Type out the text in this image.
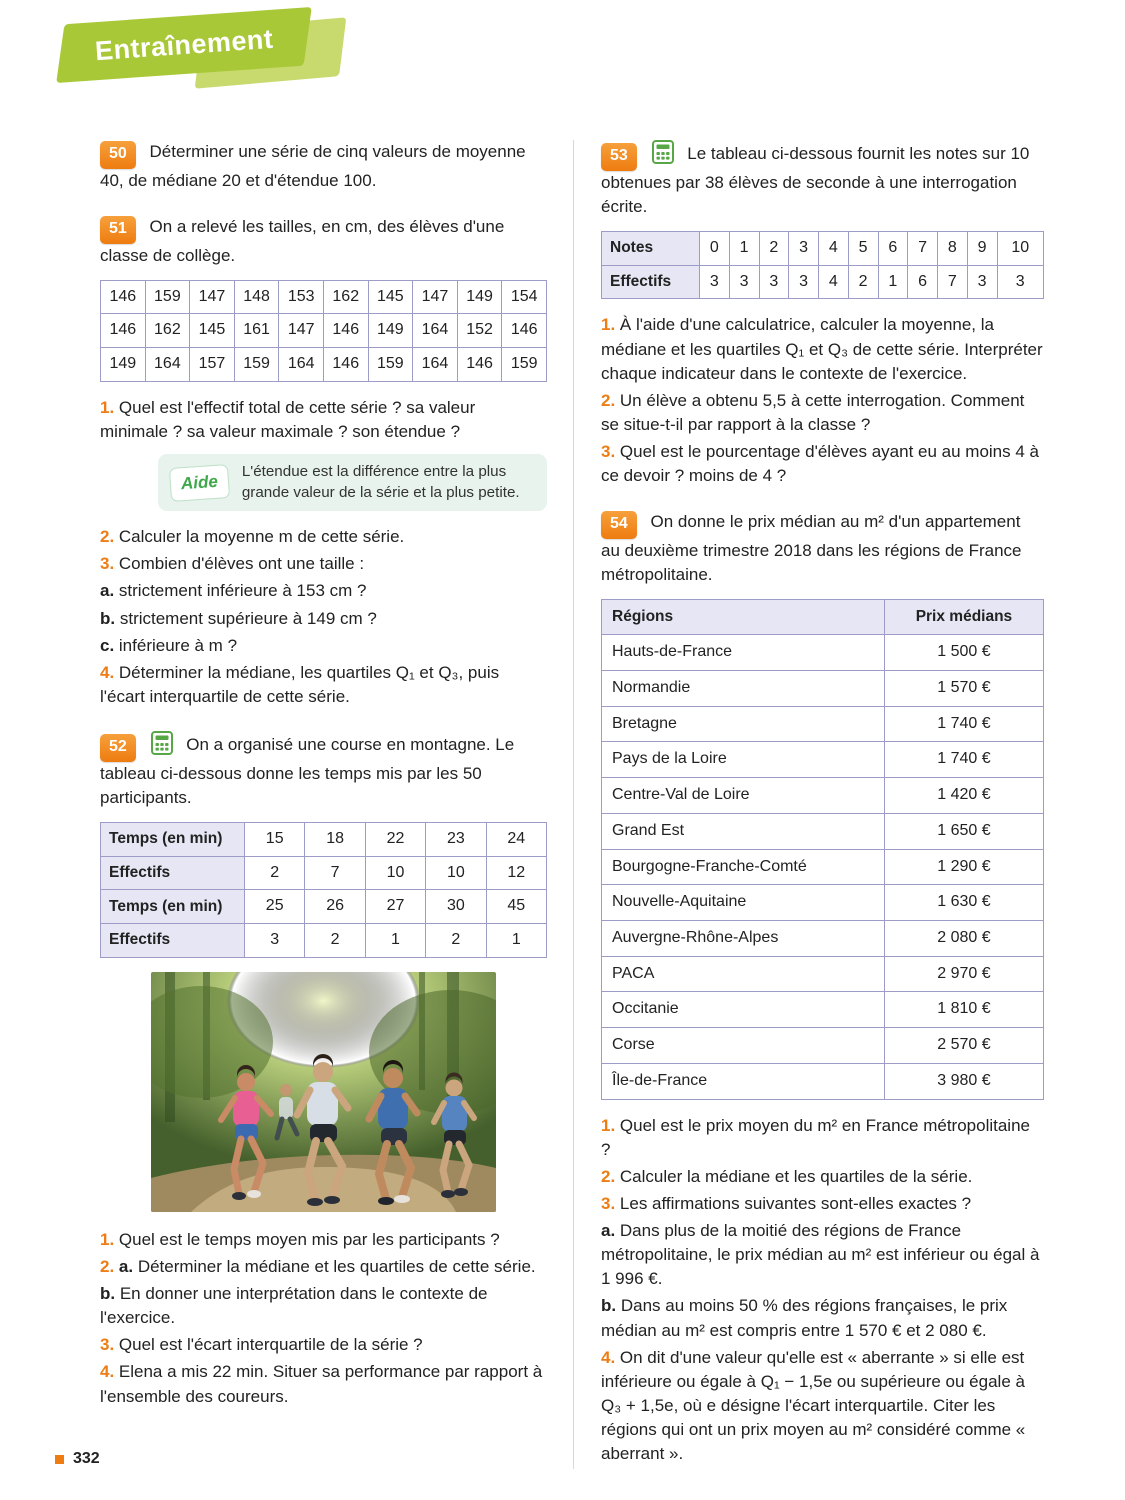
Entraînement

50 Déterminer une série de cinq valeurs de moyenne 40, de médiane 20 et d'étendue 100.

51 On a relevé les tailles, en cm, des élèves d'une classe de collège.

146	159	147	148	153	162	145	147	149	154
146	162	145	161	147	146	149	164	152	146
149	164	157	159	164	146	159	164	146	159

1. Quel est l'effectif total de cette série ? sa valeur minimale ? sa valeur maximale ? son étendue ?

Aide	L'étendue est la différence entre la plus grande valeur de la série et la plus petite.

2. Calculer la moyenne m de cette série.

3. Combien d'élèves ont une taille :

a. strictement inférieure à 153 cm ?

b. strictement supérieure à 149 cm ?

c. inférieure à m ?

4. Déterminer la médiane, les quartiles Q₁ et Q₃, puis l'écart interquartile de cette série.

52	On a organisé une course en montagne. Le tableau ci-dessous donne les temps mis par les 50 participants.

Temps (en min)	15	18	22	23	24
Effectifs	2	7	10	10	12
Temps (en min)	25	26	27	30	45
Effectifs	3	2	1	2	1

1. Quel est le temps moyen mis par les participants ?

2. a. Déterminer la médiane et les quartiles de cette série.

b. En donner une interprétation dans le contexte de l'exercice.

3. Quel est l'écart interquartile de la série ?

4. Elena a mis 22 min. Situer sa performance par rapport à l'ensemble des coureurs.

53	Le tableau ci-dessous fournit les notes sur 10 obtenues par 38 élèves de seconde à une interrogation écrite.

Notes	0	1	2	3	4	5	6	7	8	9	10
Effectifs	3	3	3	3	4	2	1	6	7	3	3

1. À l'aide d'une calculatrice, calculer la moyenne, la médiane et les quartiles Q₁ et Q₃ de cette série. Interpréter chaque indicateur dans le contexte de l'exercice.

2. Un élève a obtenu 5,5 à cette interrogation. Comment se situe-t-il par rapport à la classe ?

3. Quel est le pourcentage d'élèves ayant eu au moins 4 à ce devoir ? moins de 4 ?

54 On donne le prix médian au m² d'un appartement au deuxième trimestre 2018 dans les régions de France métropolitaine.

Régions	Prix médians
Hauts-de-France	1 500 €
Normandie	1 570 €
Bretagne	1 740 €
Pays de la Loire	1 740 €
Centre-Val de Loire	1 420 €
Grand Est	1 650 €
Bourgogne-Franche-Comté	1 290 €
Nouvelle-Aquitaine	1 630 €
Auvergne-Rhône-Alpes	2 080 €
PACA	2 970 €
Occitanie	1 810 €
Corse	2 570 €
Île-de-France	3 980 €

1. Quel est le prix moyen du m² en France métropolitaine ?

2. Calculer la médiane et les quartiles de la série.

3. Les affirmations suivantes sont-elles exactes ?

a. Dans plus de la moitié des régions de France métropolitaine, le prix médian au m² est inférieur ou égal à 1 996 €.

b. Dans au moins 50 % des régions françaises, le prix médian au m² est compris entre 1 570 € et 2 080 €.

4. On dit d'une valeur qu'elle est « aberrante » si elle est inférieure ou égale à Q₁ − 1,5e ou supérieure ou égale à Q₃ + 1,5e, où e désigne l'écart interquartile. Citer les régions qui ont un prix moyen au m² considéré comme « aberrant ».

332
